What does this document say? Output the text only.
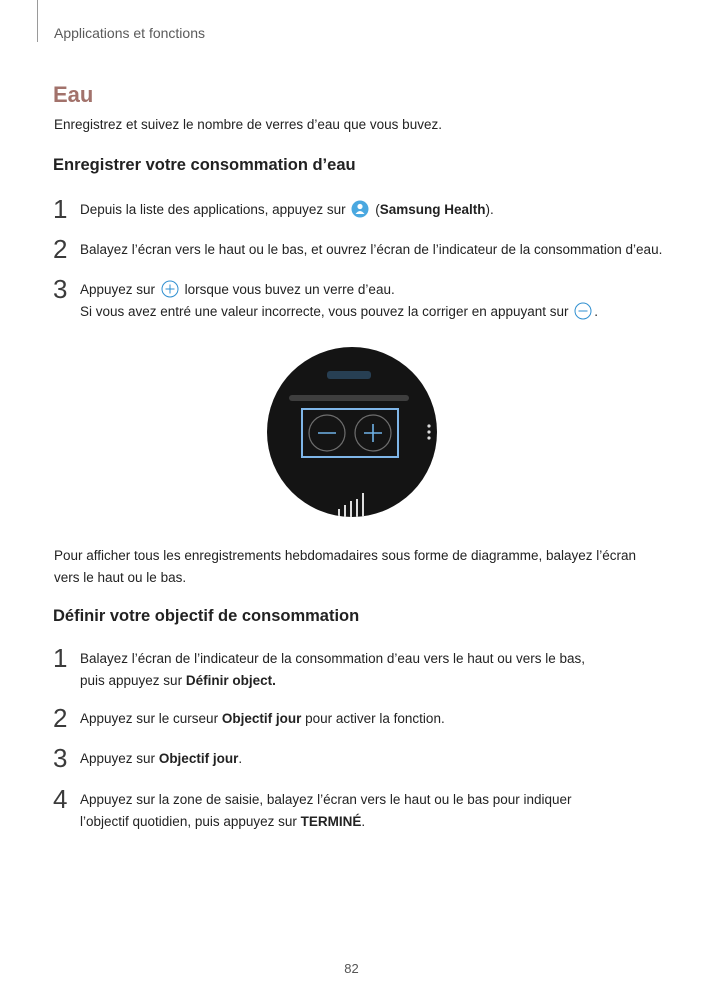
Applications et fonctions
Eau
Enregistrez et suivez le nombre de verres d’eau que vous buvez.
Enregistrer votre consommation d’eau
1 Depuis la liste des applications, appuyez sur (Samsung Health).
2 Balayez l’écran vers le haut ou le bas, et ouvrez l’écran de l’indicateur de la consommation d’eau.
3 Appuyez sur lorsque vous buvez un verre d’eau.
Si vous avez entré une valeur incorrecte, vous pouvez la corriger en appuyant sur .
Pour afficher tous les enregistrements hebdomadaires sous forme de diagramme, balayez l’écran vers le haut ou le bas.
Définir votre objectif de consommation
1 Balayez l’écran de l’indicateur de la consommation d’eau vers le haut ou vers le bas, puis appuyez sur Définir object.
2 Appuyez sur le curseur Objectif jour pour activer la fonction.
3 Appuyez sur Objectif jour.
4 Appuyez sur la zone de saisie, balayez l’écran vers le haut ou le bas pour indiquer l’objectif quotidien, puis appuyez sur TERMINÉ.
82
